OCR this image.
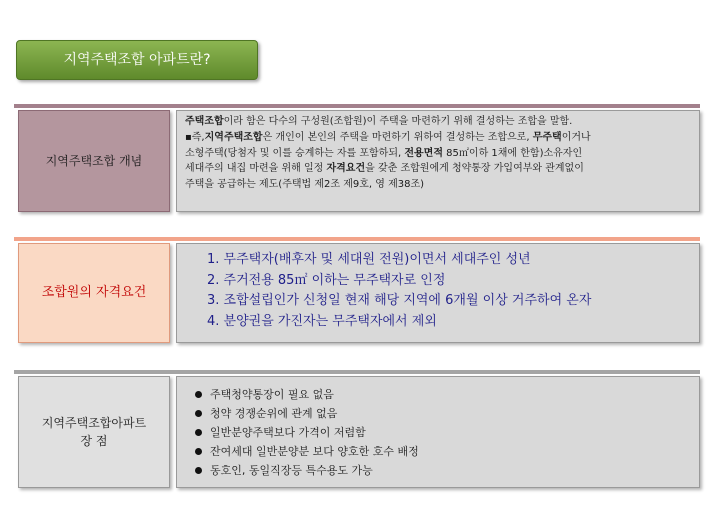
지역주택조합 아파트란?
지역주택조합 개념

주택조합이라 함은 다수의 구성원(조합원)이 주택을 마련하기 위해 결성하는 조합을 말함.

▪즉,지역주택조합은 개인이 본인의 주택을 마련하기 위하여 결성하는 조합으로, 무주택이거나

소형주택(당첨자 및 이를 승계하는 자를 포함하되, 전용면적 85㎡이하 1채에 한함)소유자인

세대주의 내집 마련을 위해 일정 자격요건을 갖춘 조합원에게 청약통장 가입여부와 관계없이

주택을 공급하는 제도(주택법 제2조 제9호, 영 제38조)

조합원의 자격요건

1. 무주택자(배후자 및 세대원 전원)이면서 세대주인 성년

2. 주거전용 85㎡ 이하는 무주택자로 인정

3. 조합설립인가 신청일 현재 해당 지역에 6개월 이상 거주하여 온자

4. 분양권을 가진자는 무주택자에서 제외

지역주택조합아파트
장 점
주택청약통장이 필요 없음
청약 경쟁순위에 관계 없음
일반분양주택보다 가격이 저렴함
잔여세대 일반분양분 보다 양호한 호수 배정
동호인, 동일직장등 특수용도 가능
